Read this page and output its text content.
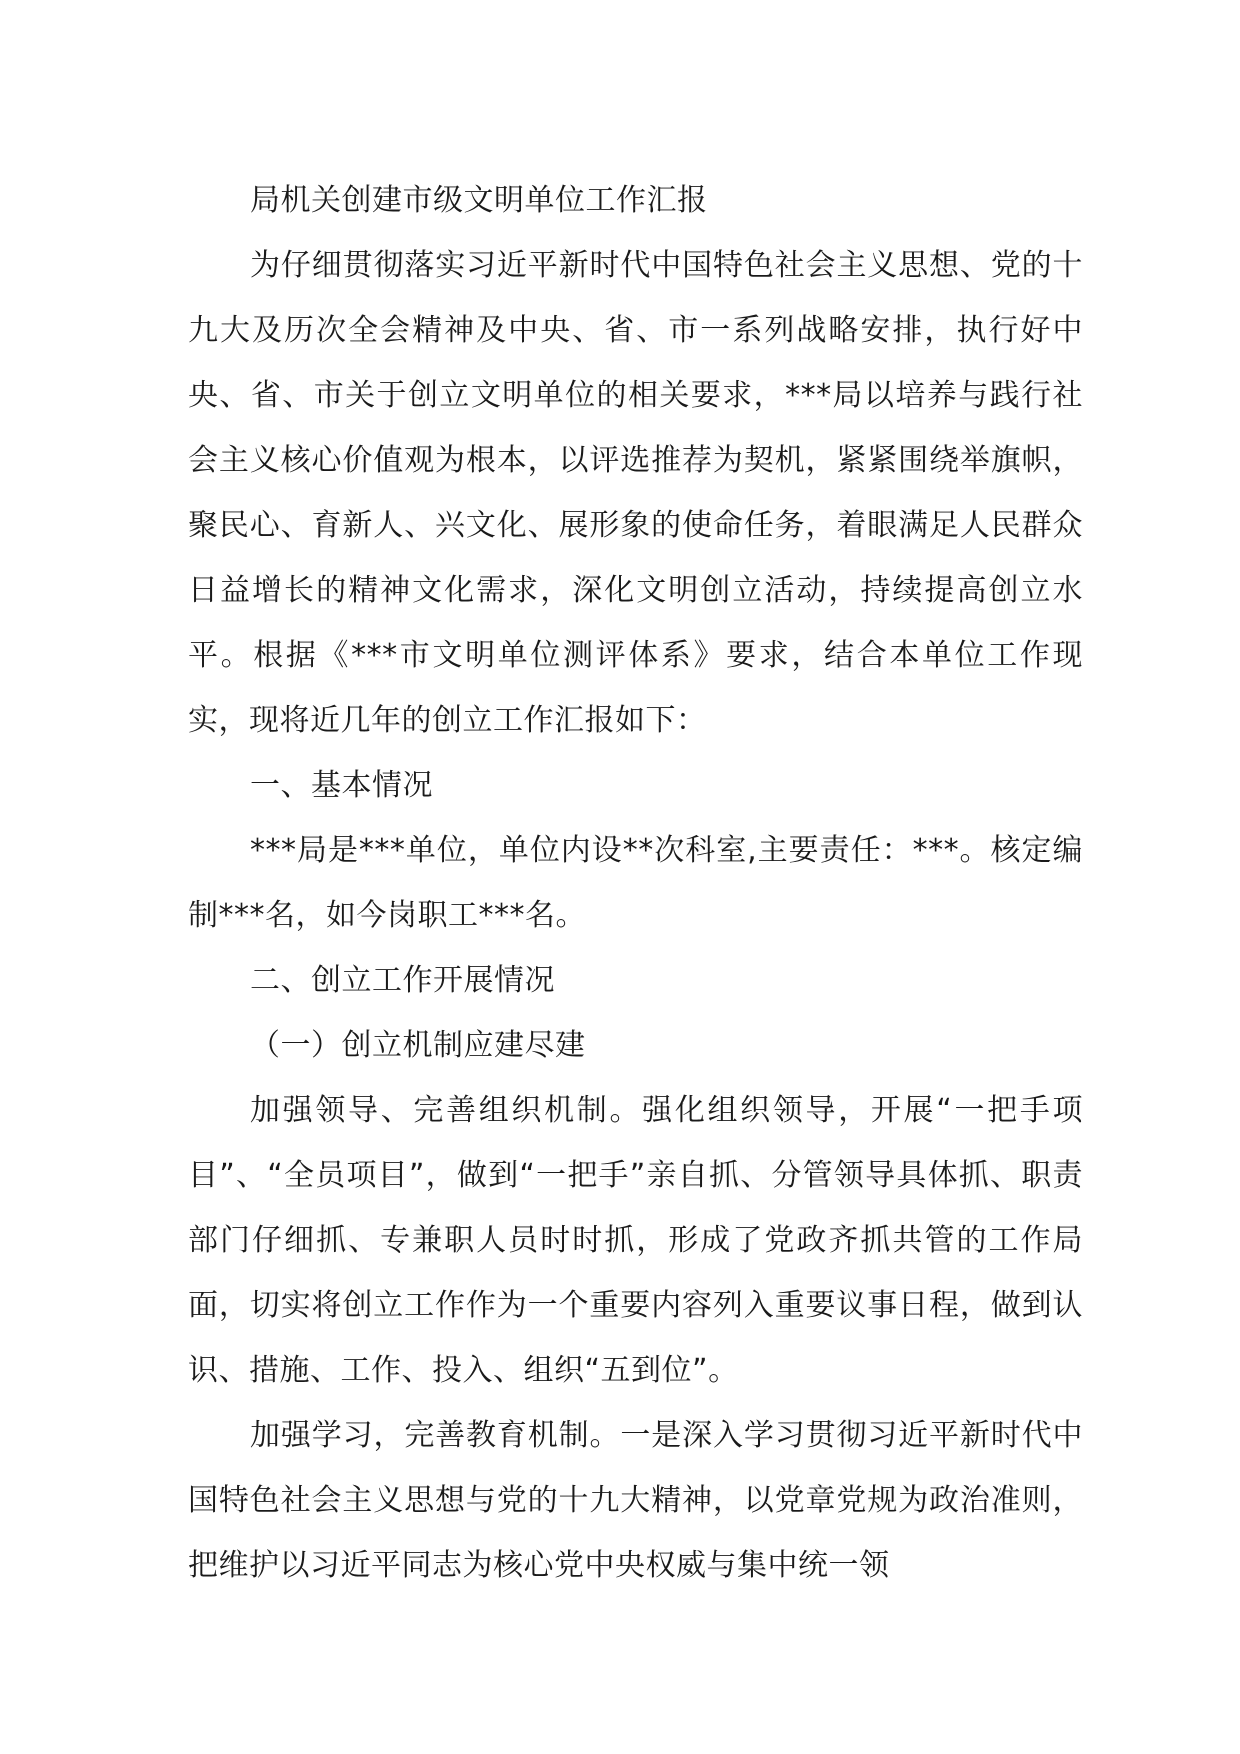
局机关创建市级文明单位工作汇报

为仔细贯彻落实习近平新时代中国特色社会主义思想、党的十九大及历次全会精神及中央、省、市一系列战略安排，执行好中央、省、市关于创立文明单位的相关要求，***局以培养与践行社会主义核心价值观为根本，以评选推荐为契机，紧紧围绕举旗帜，聚民心、育新人、兴文化、展形象的使命任务，着眼满足人民群众日益增长的精神文化需求，深化文明创立活动，持续提高创立水平。根据《***市文明单位测评体系》要求，结合本单位工作现实，现将近几年的创立工作汇报如下：

一、基本情况

***局是***单位，单位内设**次科室,主要责任：***。核定编制***名，如今岗职工***名。

二、创立工作开展情况

（一）创立机制应建尽建

加强领导、完善组织机制。强化组织领导，开展“一把手项目”、“全员项目”，做到“一把手”亲自抓、分管领导具体抓、职责部门仔细抓、专兼职人员时时抓，形成了党政齐抓共管的工作局面，切实将创立工作作为一个重要内容列入重要议事日程，做到认识、措施、工作、投入、组织“五到位”。

加强学习，完善教育机制。一是深入学习贯彻习近平新时代中国特色社会主义思想与党的十九大精神，以党章党规为政治准则，把维护以习近平同志为核心党中央权威与集中统一领
